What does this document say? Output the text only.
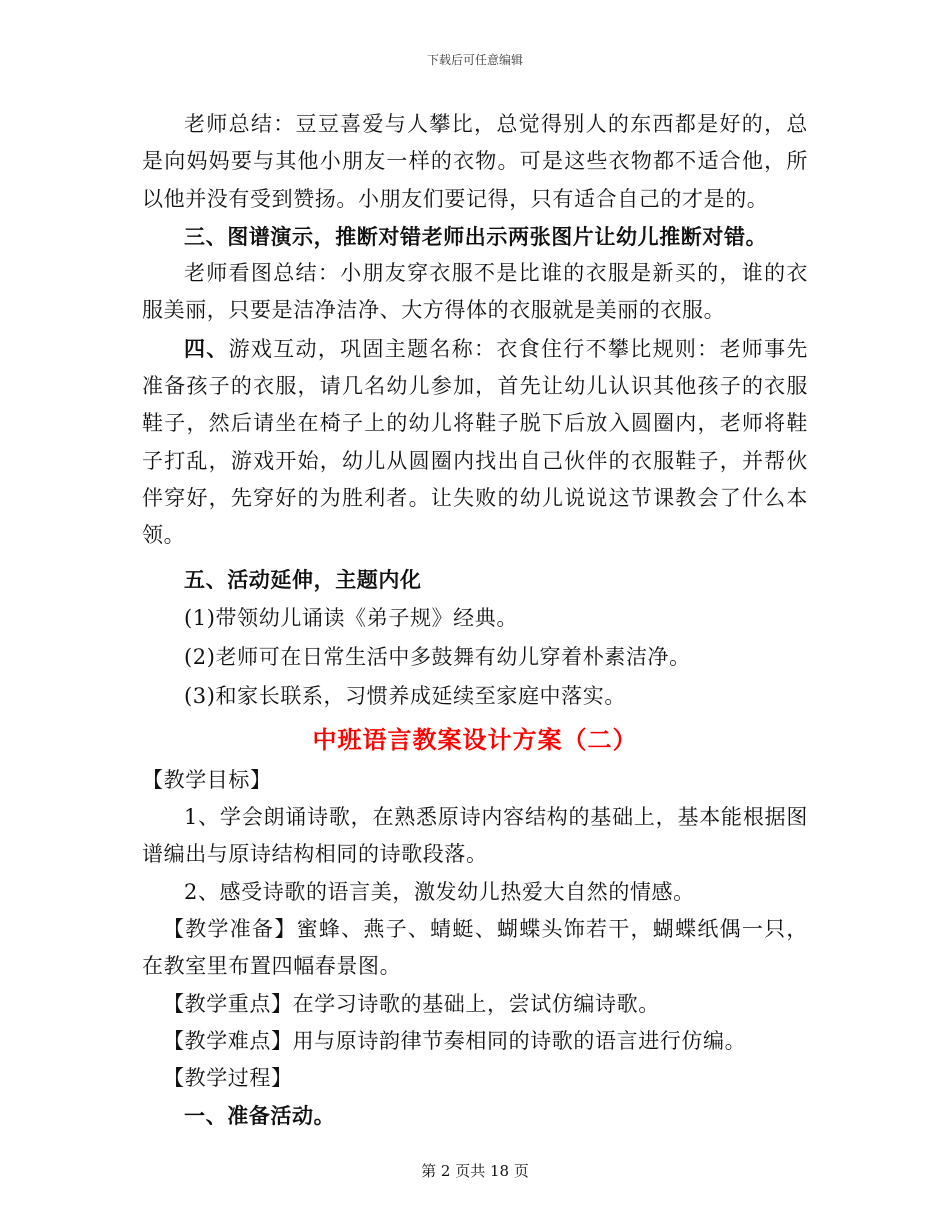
下载后可任意编辑

老师总结：豆豆喜爱与人攀比，总觉得别人的东西都是好的，总是向妈妈要与其他小朋友一样的衣物。可是这些衣物都不适合他，所以他并没有受到赞扬。小朋友们要记得，只有适合自己的才是的。

三、图谱演示，推断对错老师出示两张图片让幼儿推断对错。

老师看图总结：小朋友穿衣服不是比谁的衣服是新买的，谁的衣服美丽，只要是洁净洁净、大方得体的衣服就是美丽的衣服。

四、游戏互动，巩固主题名称：衣食住行不攀比规则：老师事先准备孩子的衣服，请几名幼儿参加，首先让幼儿认识其他孩子的衣服鞋子，然后请坐在椅子上的幼儿将鞋子脱下后放入圆圈内，老师将鞋子打乱，游戏开始，幼儿从圆圈内找出自己伙伴的衣服鞋子，并帮伙伴穿好，先穿好的为胜利者。让失败的幼儿说说这节课教会了什么本领。

五、活动延伸，主题内化

(1)带领幼儿诵读《弟子规》经典。

(2)老师可在日常生活中多鼓舞有幼儿穿着朴素洁净。

(3)和家长联系，习惯养成延续至家庭中落实。

中班语言教案设计方案（二）

【教学目标】

1、学会朗诵诗歌，在熟悉原诗内容结构的基础上，基本能根据图谱编出与原诗结构相同的诗歌段落。

2、感受诗歌的语言美，激发幼儿热爱大自然的情感。

【教学准备】蜜蜂、燕子、蜻蜓、蝴蝶头饰若干，蝴蝶纸偶一只，在教室里布置四幅春景图。

【教学重点】在学习诗歌的基础上，尝试仿编诗歌。

【教学难点】用与原诗韵律节奏相同的诗歌的语言进行仿编。

【教学过程】

一、准备活动。

第 2 页共 18 页
